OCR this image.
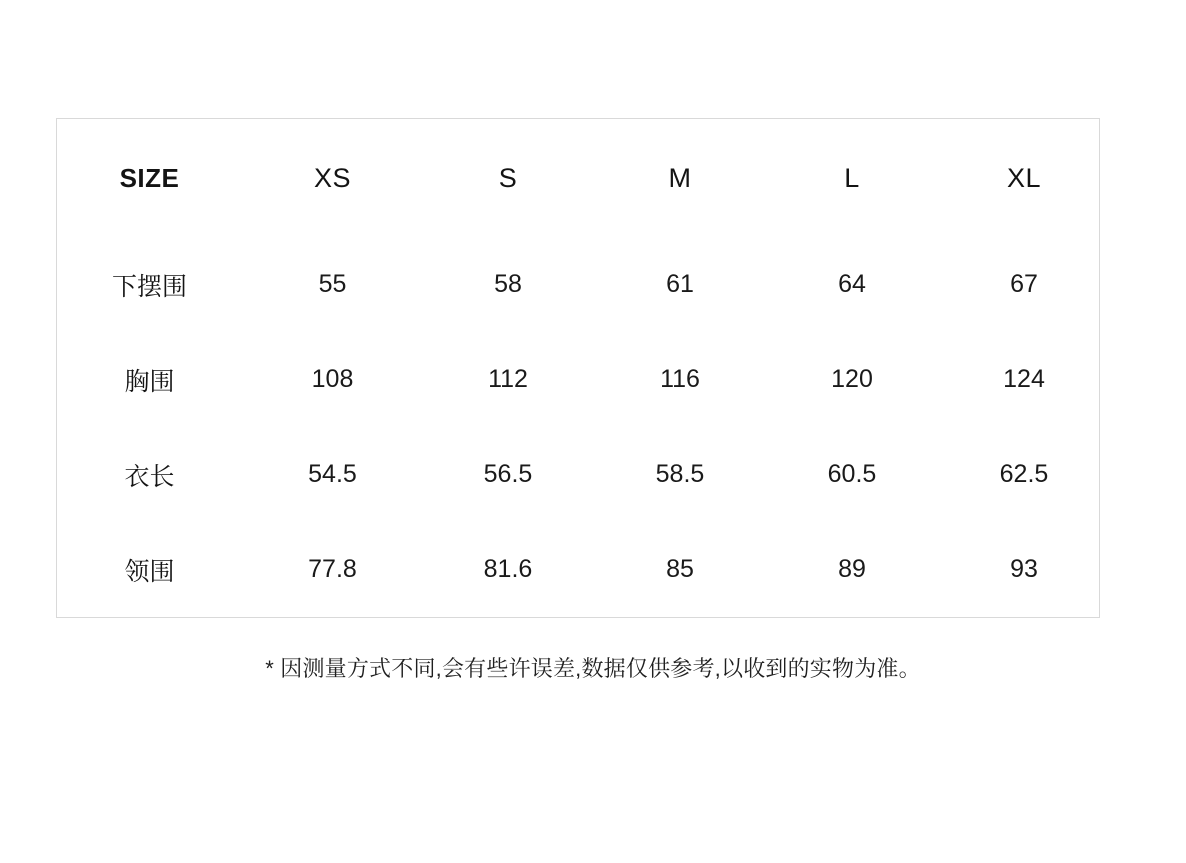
SIZE		XS	S	M	L	XL
下摆围		55	58	61	64	67
胸围		108	112	116	120	124
衣长		54.5	56.5	58.5	60.5	62.5
领围		77.8	81.6	85	89	93
* 因测量方式不同,会有些许误差,数据仅供参考,以收到的实物为准。
